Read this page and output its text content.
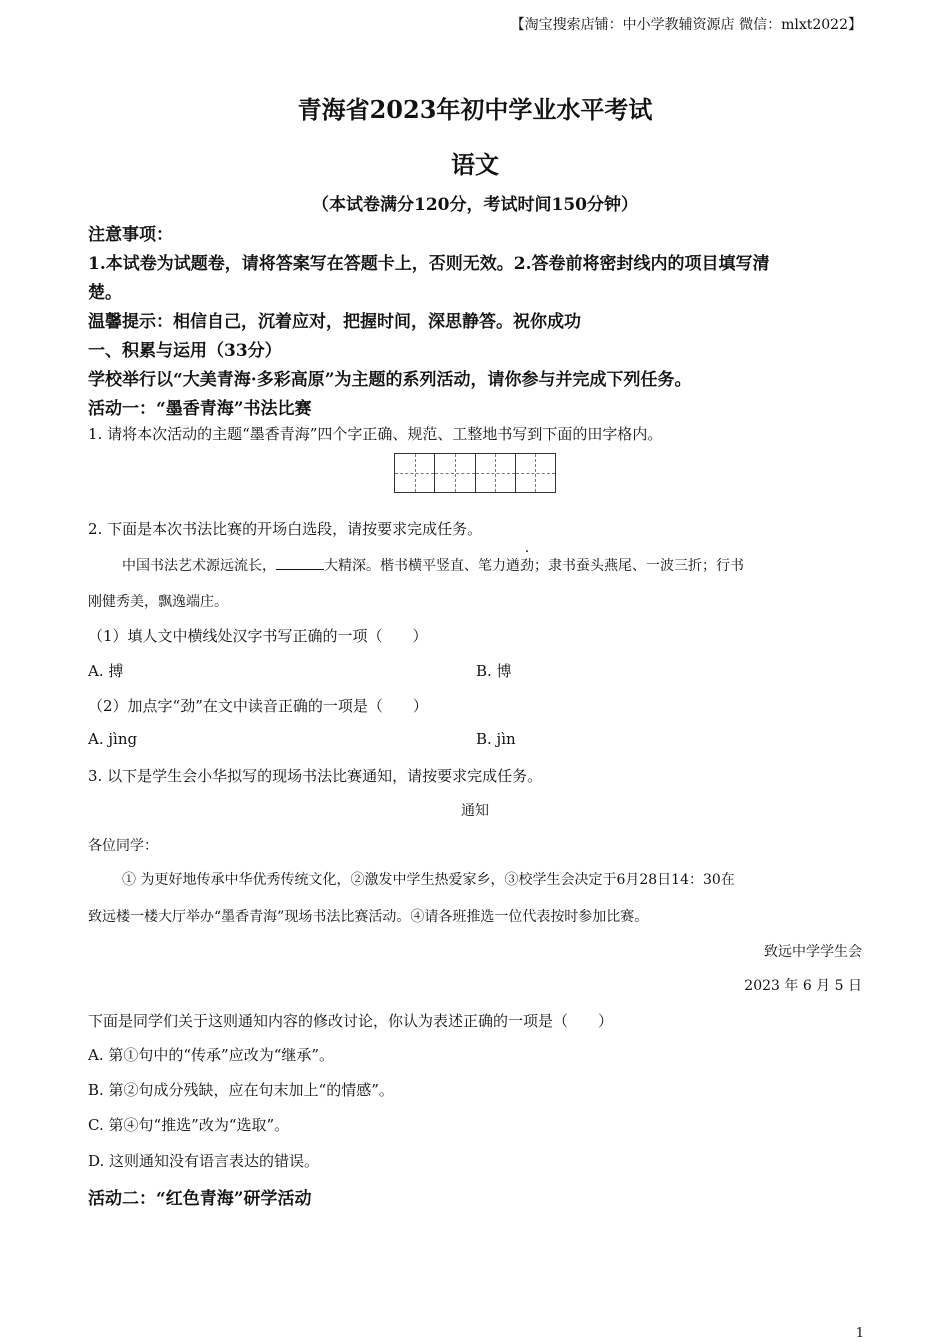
【淘宝搜索店铺：中小学教辅资源店 微信：mlxt2022】
青海省2023年初中学业水平考试
语文
（本试卷满分120分，考试时间150分钟）
注意事项：
1.本试卷为试题卷，请将答案写在答题卡上，否则无效。2.答卷前将密封线内的项目填写清
楚。
温馨提示：相信自己，沉着应对，把握时间，深思静答。祝你成功
一、积累与运用（33分）
学校举行以“大美青海·多彩高原”为主题的系列活动，请你参与并完成下列任务。
活动一：“墨香青海”书法比赛
1. 请将本次活动的主题“墨香青海”四个字正确、规范、工整地书写到下面的田字格内。
2. 下面是本次书法比赛的开场白选段，请按要求完成任务。
中国书法艺术源远流长，	大精深。楷书横平竖直、笔力遒劲；隶书蚕头燕尾、一波三折；行书
刚健秀美，飘逸端庄。
（1）填人文中横线处汉字书写正确的一项（　　）
A. 搏	B. 博
（2）加点字“劲”在文中读音正确的一项是（　　）
A. jìng	B. jìn
3. 以下是学生会小华拟写的现场书法比赛通知，请按要求完成任务。
通知
各位同学：
① 为更好地传承中华优秀传统文化，②激发中学生热爱家乡，③校学生会决定于6月28日14：30在
致远楼一楼大厅举办“墨香青海”现场书法比赛活动。④请各班推选一位代表按时参加比赛。
致远中学学生会
2023 年 6 月 5 日
下面是同学们关于这则通知内容的修改讨论，你认为表述正确的一项是（　　）
A. 第①句中的“传承”应改为“继承”。
B. 第②句成分残缺，应在句末加上“的情感”。
C. 第④句“推选”改为“选取”。
D. 这则通知没有语言表达的错误。
活动二：“红色青海”研学活动
1
